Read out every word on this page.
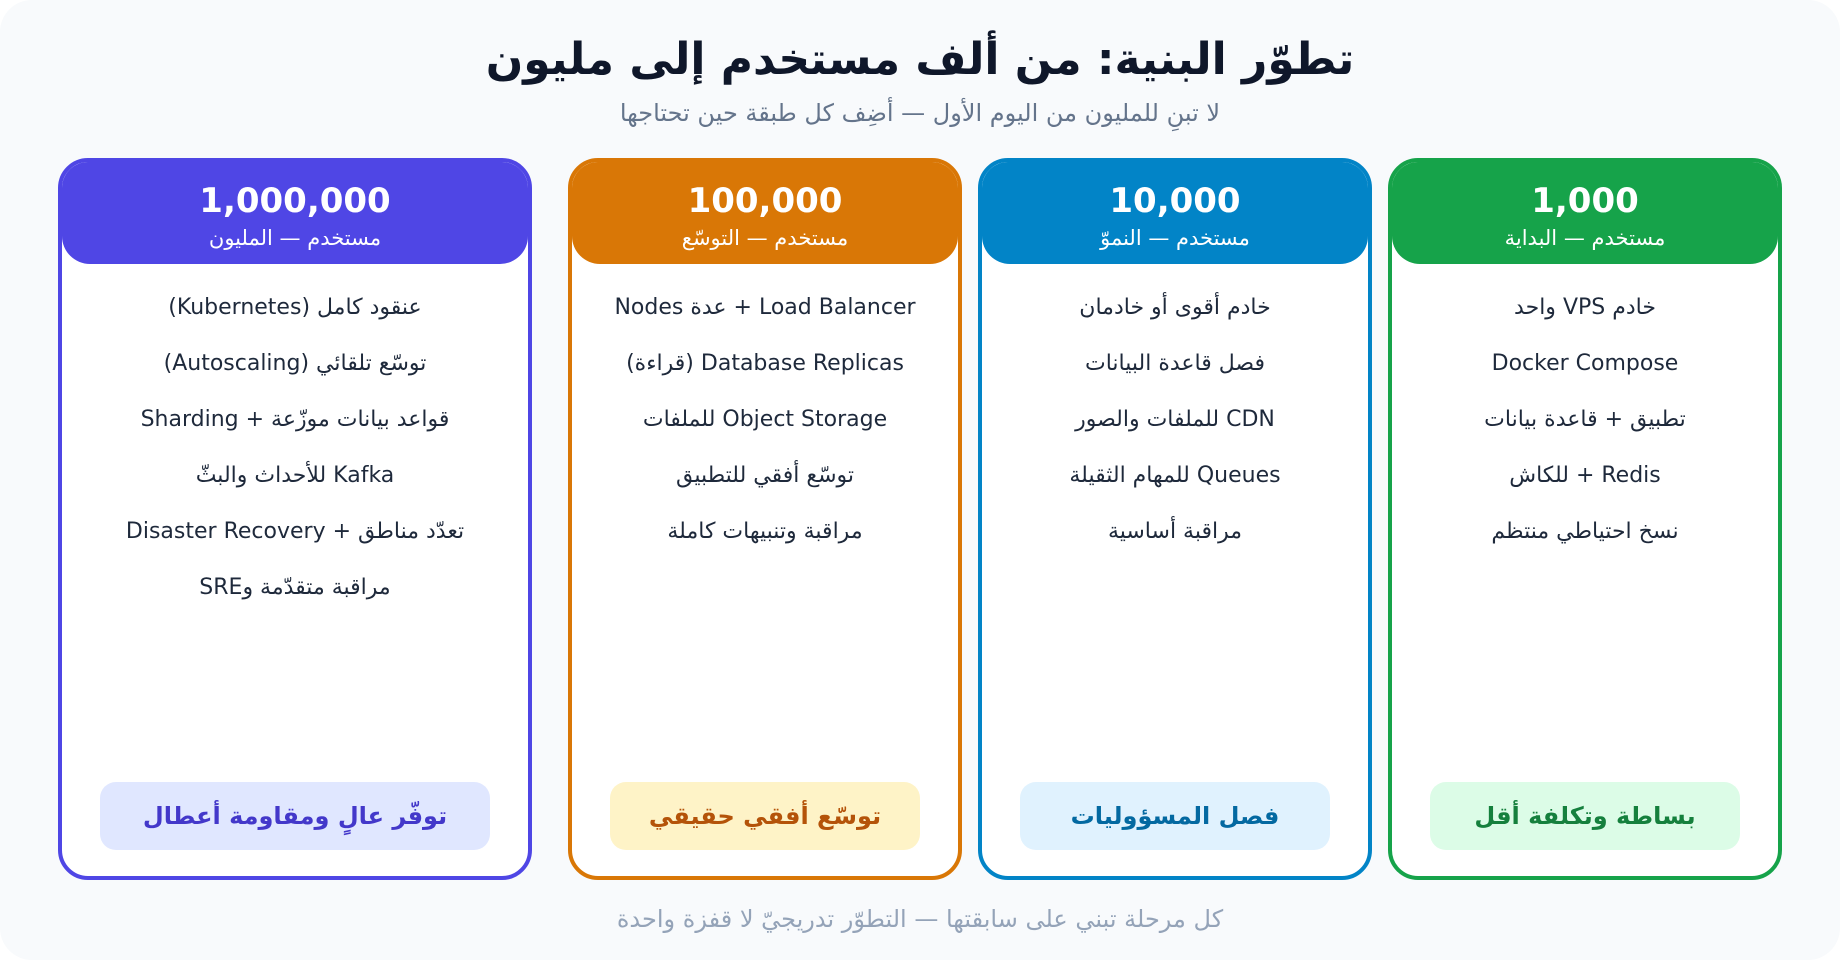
تطوّر البنية: من ألف مستخدم إلى مليون
لا تبنِ للمليون من اليوم الأول — أضِف كل طبقة حين تحتاجها
1,000
مستخدم — البداية
خادم VPS واحد
Docker Compose
تطبيق + قاعدة بيانات
Redis + للكاش
نسخ احتياطي منتظم
بساطة وتكلفة أقل
10,000
مستخدم — النموّ
خادم أقوى أو خادمان
فصل قاعدة البيانات
CDN للملفات والصور
Queues للمهام الثقيلة
مراقبة أساسية
فصل المسؤوليات
100,000
مستخدم — التوسّع
Load Balancer + عدة Nodes
Database Replicas (قراءة)
Object Storage للملفات
توسّع أفقي للتطبيق
مراقبة وتنبيهات كاملة
توسّع أفقي حقيقي
1,000,000
مستخدم — المليون
عنقود كامل (Kubernetes)
توسّع تلقائي (Autoscaling)
قواعد بيانات موزّعة + Sharding
Kafka للأحداث والبثّ
تعدّد مناطق + Disaster Recovery
مراقبة متقدّمة وSRE
توفّر عالٍ ومقاومة أعطال
كل مرحلة تبني على سابقتها — التطوّر تدريجيّ لا قفزة واحدة
